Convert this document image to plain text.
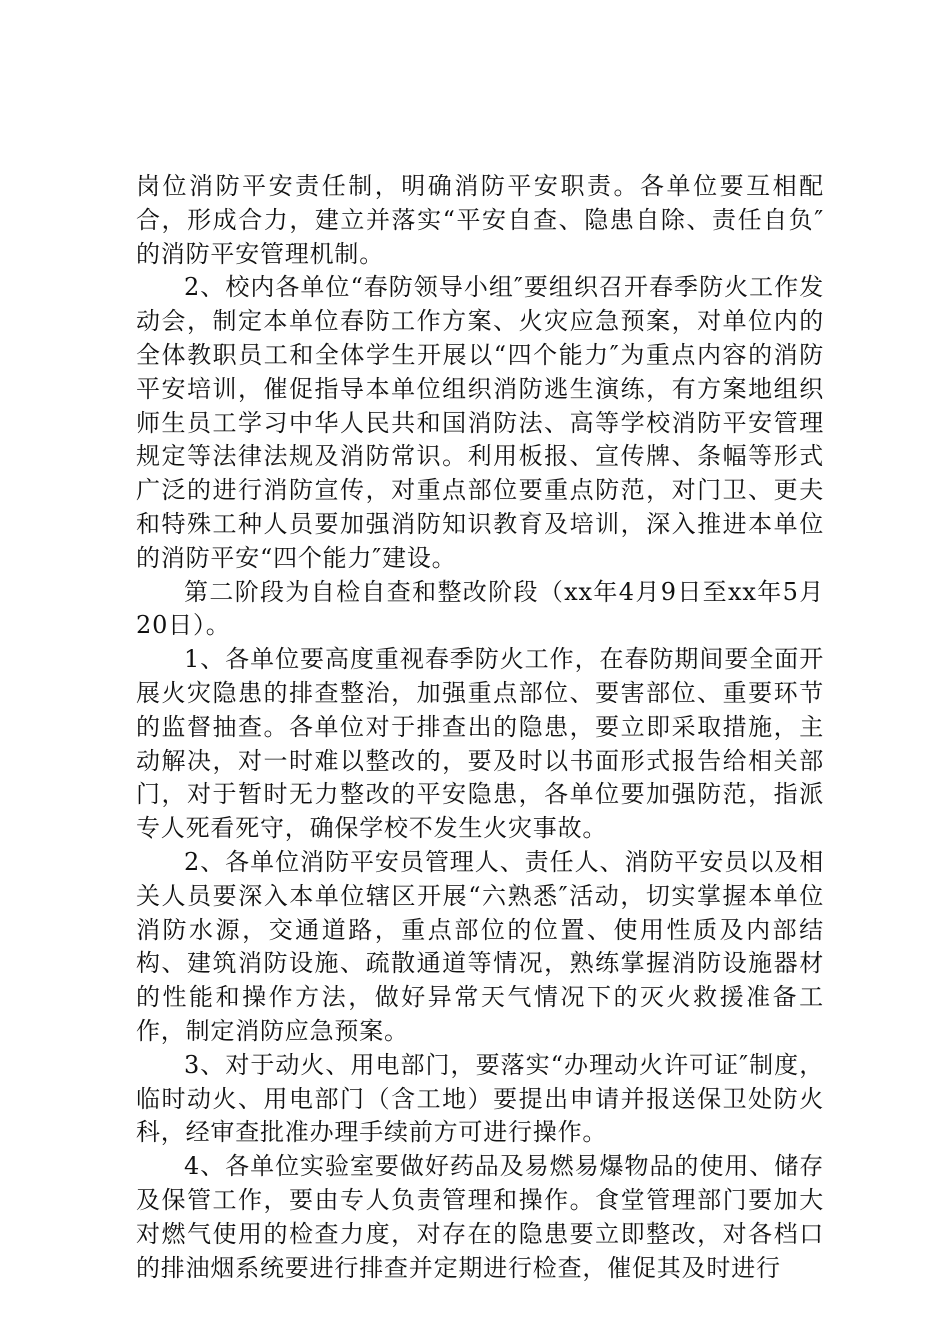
岗位消防平安责任制，明确消防平安职责。各单位要互相配合，形成合力，建立并落实“平安自查、隐患自除、责任自负″的消防平安管理机制。

2、校内各单位“春防领导小组″要组织召开春季防火工作发动会，制定本单位春防工作方案、火灾应急预案，对单位内的全体教职员工和全体学生开展以“四个能力″为重点内容的消防平安培训，催促指导本单位组织消防逃生演练，有方案地组织师生员工学习中华人民共和国消防法、高等学校消防平安管理规定等法律法规及消防常识。利用板报、宣传牌、条幅等形式广泛的进行消防宣传，对重点部位要重点防范，对门卫、更夫和特殊工种人员要加强消防知识教育及培训，深入推进本单位的消防平安“四个能力″建设。

第二阶段为自检自查和整改阶段（xx年4月9日至xx年5月20日）。

1、各单位要高度重视春季防火工作，在春防期间要全面开展火灾隐患的排查整治，加强重点部位、要害部位、重要环节的监督抽查。各单位对于排查出的隐患，要立即采取措施，主动解决，对一时难以整改的，要及时以书面形式报告给相关部门，对于暂时无力整改的平安隐患，各单位要加强防范，指派专人死看死守，确保学校不发生火灾事故。

2、各单位消防平安员管理人、责任人、消防平安员以及相关人员要深入本单位辖区开展“六熟悉″活动，切实掌握本单位消防水源，交通道路，重点部位的位置、使用性质及内部结构、建筑消防设施、疏散通道等情况，熟练掌握消防设施器材的性能和操作方法，做好异常天气情况下的灭火救援准备工作，制定消防应急预案。

3、对于动火、用电部门，要落实“办理动火许可证″制度，临时动火、用电部门（含工地）要提出申请并报送保卫处防火科，经审查批准办理手续前方可进行操作。

4、各单位实验室要做好药品及易燃易爆物品的使用、储存及保管工作，要由专人负责管理和操作。食堂管理部门要加大对燃气使用的检查力度，对存在的隐患要立即整改，对各档口的排油烟系统要进行排查并定期进行检查，催促其及时进行
